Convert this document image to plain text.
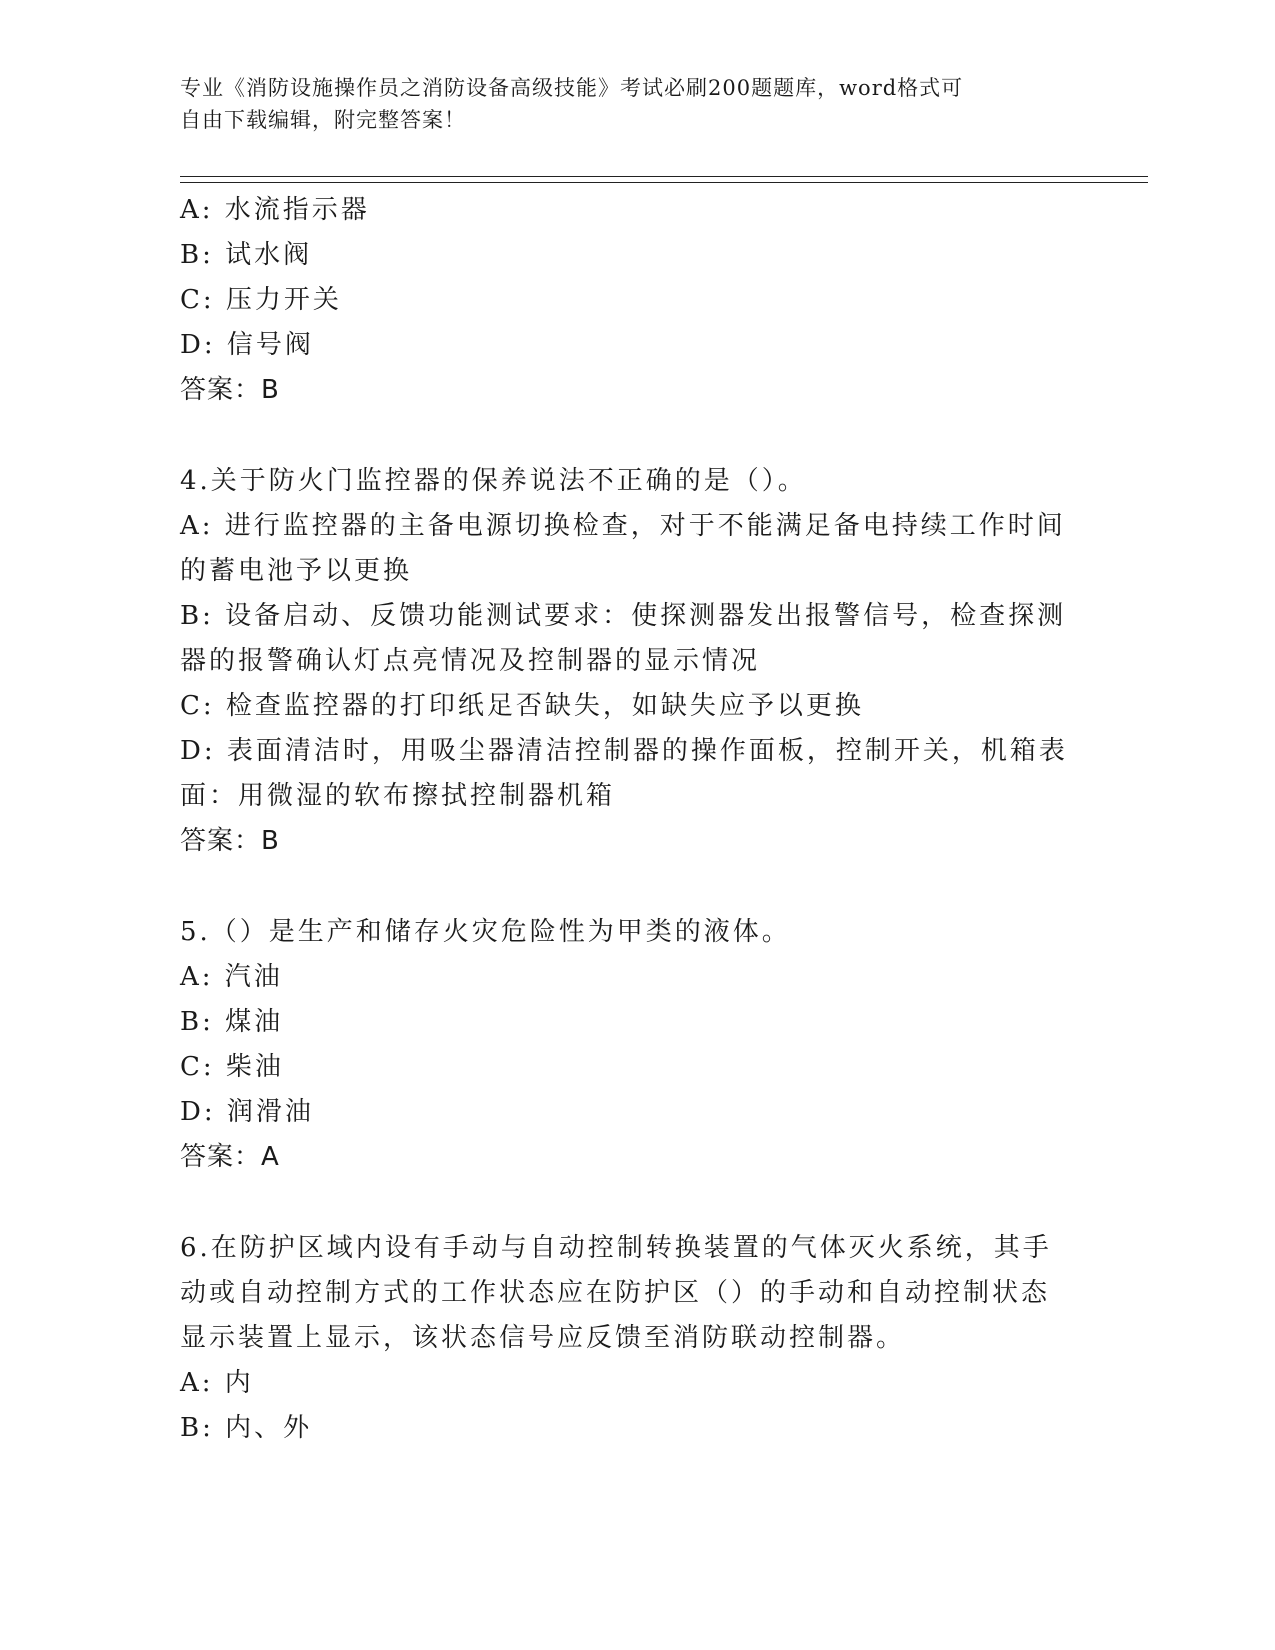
专业《消防设施操作员之消防设备高级技能》考试必刷200题题库，word格式可
自由下载编辑，附完整答案！
A: 水流指示器
B: 试水阀
C: 压力开关
D: 信号阀
答案：B
4.关于防火门监控器的保养说法不正确的是（）。
A: 进行监控器的主备电源切换检查，对于不能满足备电持续工作时间
的蓄电池予以更换
B: 设备启动、反馈功能测试要求：使探测器发出报警信号，检查探测
器的报警确认灯点亮情况及控制器的显示情况
C: 检查监控器的打印纸足否缺失，如缺失应予以更换
D: 表面清洁时，用吸尘器清洁控制器的操作面板，控制开关，机箱表
面：用微湿的软布擦拭控制器机箱
答案：B
5.（）是生产和储存火灾危险性为甲类的液体。
A: 汽油
B: 煤油
C: 柴油
D: 润滑油
答案：A
6.在防护区域内设有手动与自动控制转换装置的气体灭火系统，其手
动或自动控制方式的工作状态应在防护区（）的手动和自动控制状态
显示装置上显示，该状态信号应反馈至消防联动控制器。
A: 内
B: 内、外
